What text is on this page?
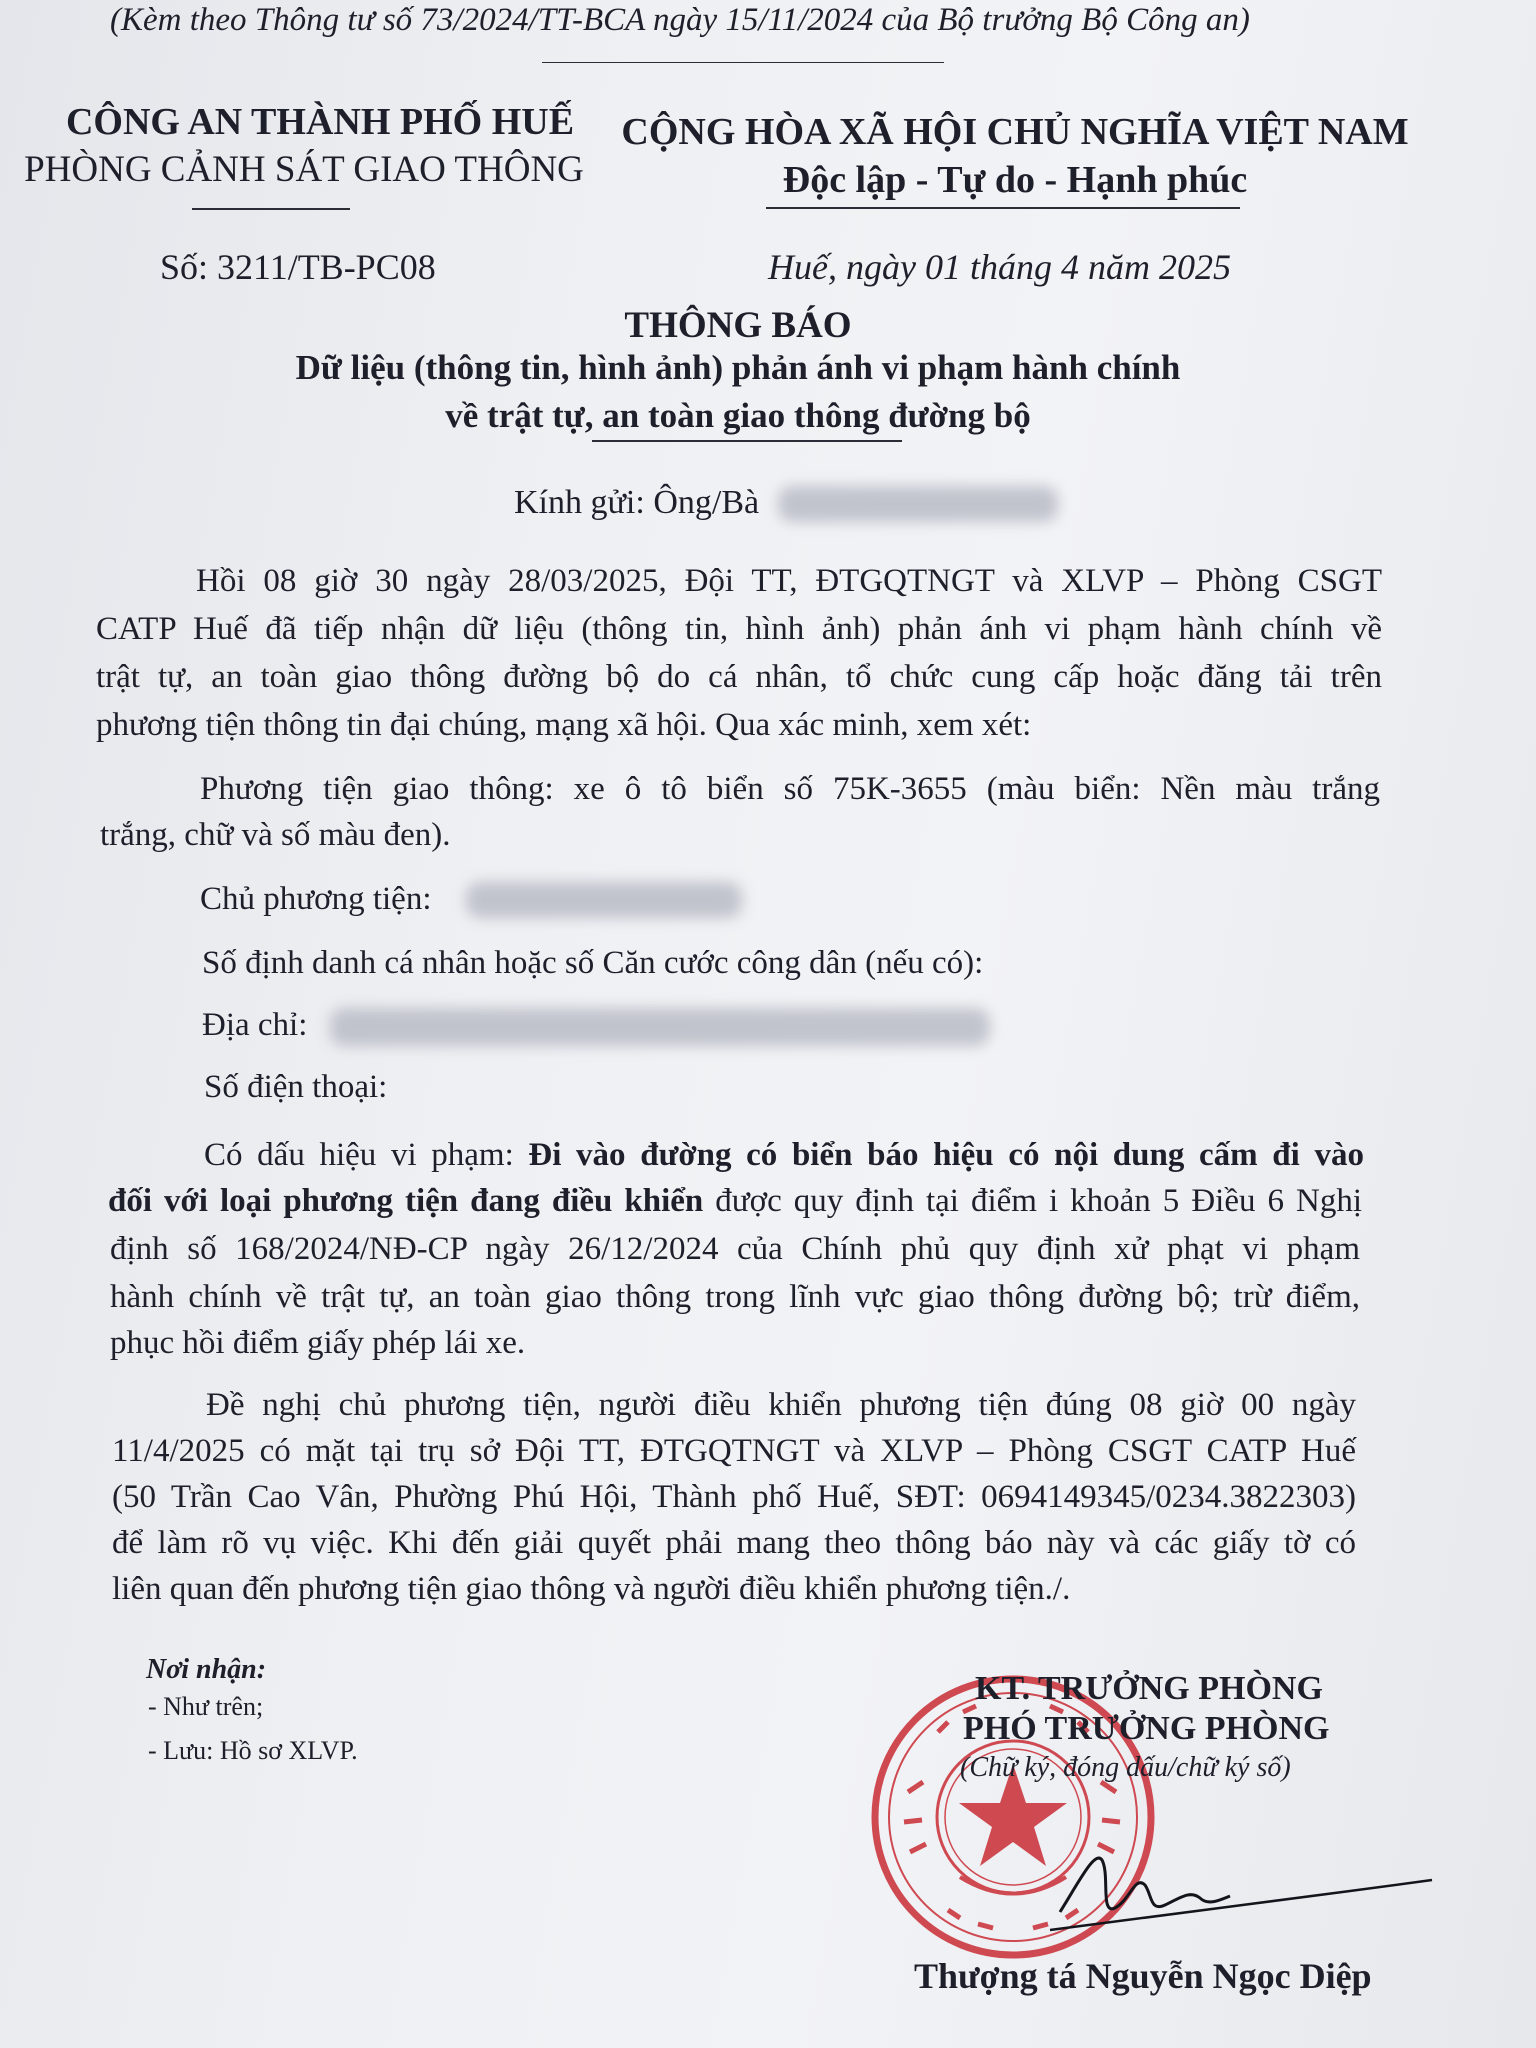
(Kèm theo Thông tư số 73/2024/TT-BCA ngày 15/11/2024 của Bộ trưởng Bộ Công an)
CÔNG AN THÀNH PHỐ HUẾ
PHÒNG CẢNH SÁT GIAO THÔNG
CỘNG HÒA XÃ HỘI CHỦ NGHĨA VIỆT NAM
Độc lập - Tự do - Hạnh phúc
Số: 3211/TB-PC08	Huế, ngày 01 tháng 4 năm 2025
THÔNG BÁO
Dữ liệu (thông tin, hình ảnh) phản ánh vi phạm hành chính
về trật tự, an toàn giao thông đường bộ
Kính gửi: Ông/Bà
Hồi 08 giờ 30 ngày 28/03/2025, Đội TT, ĐTGQTNGT và XLVP – Phòng CSGT
CATP Huế đã tiếp nhận dữ liệu (thông tin, hình ảnh) phản ánh vi phạm hành chính về
trật tự, an toàn giao thông đường bộ do cá nhân, tổ chức cung cấp hoặc đăng tải trên
phương tiện thông tin đại chúng, mạng xã hội. Qua xác minh, xem xét:
Phương tiện giao thông: xe ô tô biển số 75K-3655 (màu biển: Nền màu trắng
trắng, chữ và số màu đen).
Chủ phương tiện:
Số định danh cá nhân hoặc số Căn cước công dân (nếu có):
Địa chỉ:
Số điện thoại:
Có dấu hiệu vi phạm: Đi vào đường có biển báo hiệu có nội dung cấm đi vào
đối với loại phương tiện đang điều khiển được quy định tại điểm i khoản 5 Điều 6 Nghị
định số 168/2024/NĐ-CP ngày 26/12/2024 của Chính phủ quy định xử phạt vi phạm
hành chính về trật tự, an toàn giao thông trong lĩnh vực giao thông đường bộ; trừ điểm,
phục hồi điểm giấy phép lái xe.
Đề nghị chủ phương tiện, người điều khiển phương tiện đúng 08 giờ 00 ngày
11/4/2025 có mặt tại trụ sở Đội TT, ĐTGQTNGT và XLVP – Phòng CSGT CATP Huế
(50 Trần Cao Vân, Phường Phú Hội, Thành phố Huế, SĐT: 0694149345/0234.3822303)
để làm rõ vụ việc. Khi đến giải quyết phải mang theo thông báo này và các giấy tờ có
liên quan đến phương tiện giao thông và người điều khiển phương tiện./.
Nơi nhận:
- Như trên;
- Lưu: Hồ sơ XLVP.
KT. TRƯỞNG PHÒNG
PHÓ TRƯỞNG PHÒNG
(Chữ ký, đóng dấu/chữ ký số)
Thượng tá Nguyễn Ngọc Diệp
